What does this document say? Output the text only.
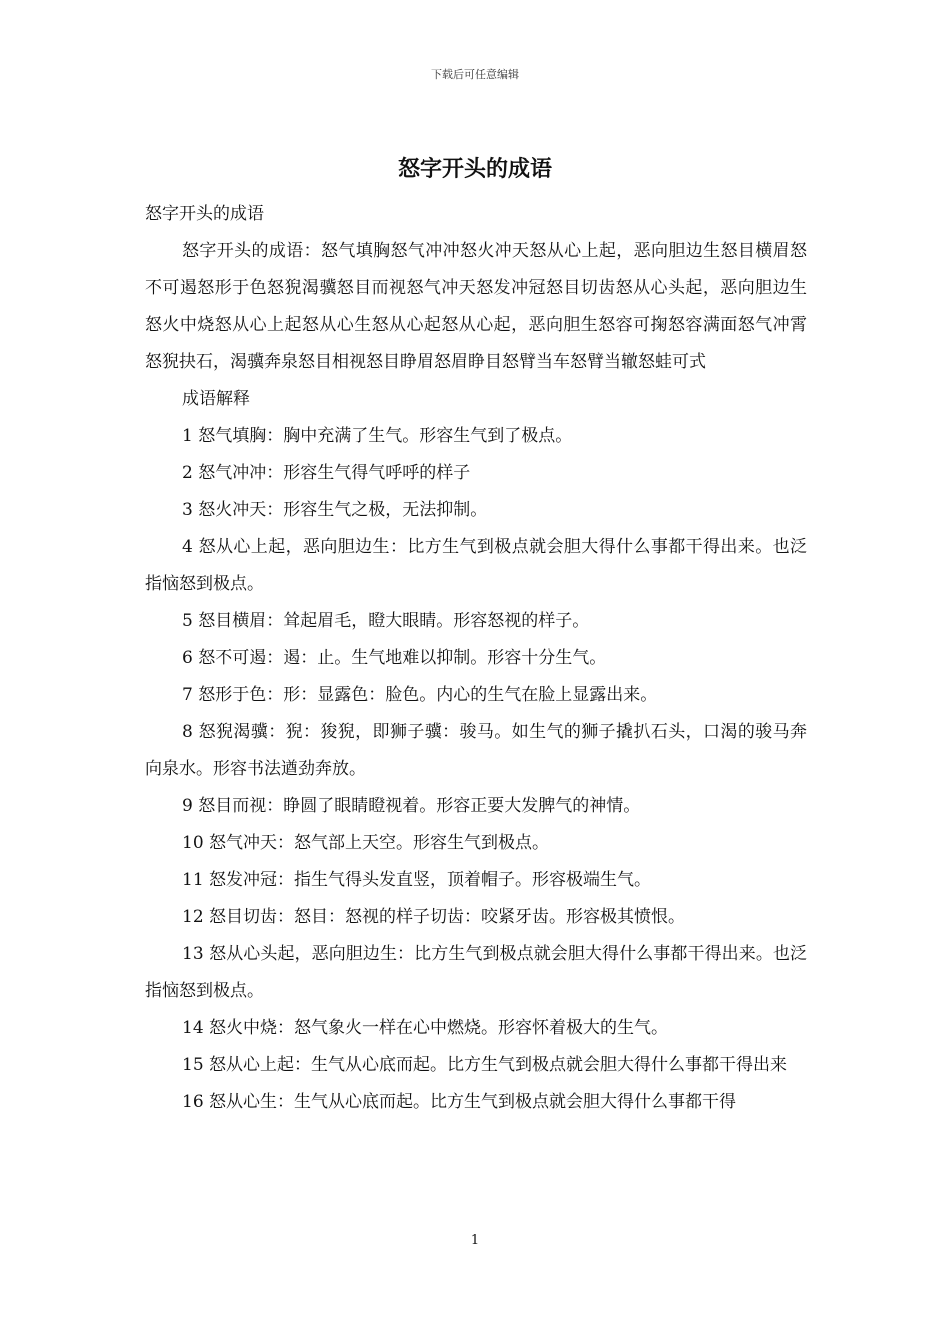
下载后可任意编辑
怒字开头的成语

怒字开头的成语

怒字开头的成语：怒气填胸怒气冲冲怒火冲天怒从心上起，恶向胆边生怒目横眉怒不可遏怒形于色怒猊渴骥怒目而视怒气冲天怒发冲冠怒目切齿怒从心头起，恶向胆边生怒火中烧怒从心上起怒从心生怒从心起怒从心起，恶向胆生怒容可掬怒容满面怒气冲霄怒猊抉石，渴骥奔泉怒目相视怒目睁眉怒眉睁目怒臂当车怒臂当辙怒蛙可式

成语解释

1 怒气填胸：胸中充满了生气。形容生气到了极点。

2 怒气冲冲：形容生气得气呼呼的样子

3 怒火冲天：形容生气之极，无法抑制。

4 怒从心上起，恶向胆边生：比方生气到极点就会胆大得什么事都干得出来。也泛指恼怒到极点。

5 怒目横眉：耸起眉毛，瞪大眼睛。形容怒视的样子。

6 怒不可遏：遏：止。生气地难以抑制。形容十分生气。

7 怒形于色：形：显露色：脸色。内心的生气在脸上显露出来。

8 怒猊渴骥：猊：狻猊，即狮子骥：骏马。如生气的狮子撬扒石头，口渴的骏马奔向泉水。形容书法遒劲奔放。

9 怒目而视：睁圆了眼睛瞪视着。形容正要大发脾气的神情。

10 怒气冲天：怒气部上天空。形容生气到极点。

11 怒发冲冠：指生气得头发直竖，顶着帽子。形容极端生气。

12 怒目切齿：怒目：怒视的样子切齿：咬紧牙齿。形容极其愤恨。

13 怒从心头起，恶向胆边生：比方生气到极点就会胆大得什么事都干得出来。也泛指恼怒到极点。

14 怒火中烧：怒气象火一样在心中燃烧。形容怀着极大的生气。

15 怒从心上起：生气从心底而起。比方生气到极点就会胆大得什么事都干得出来

16 怒从心生：生气从心底而起。比方生气到极点就会胆大得什么事都干得

1
